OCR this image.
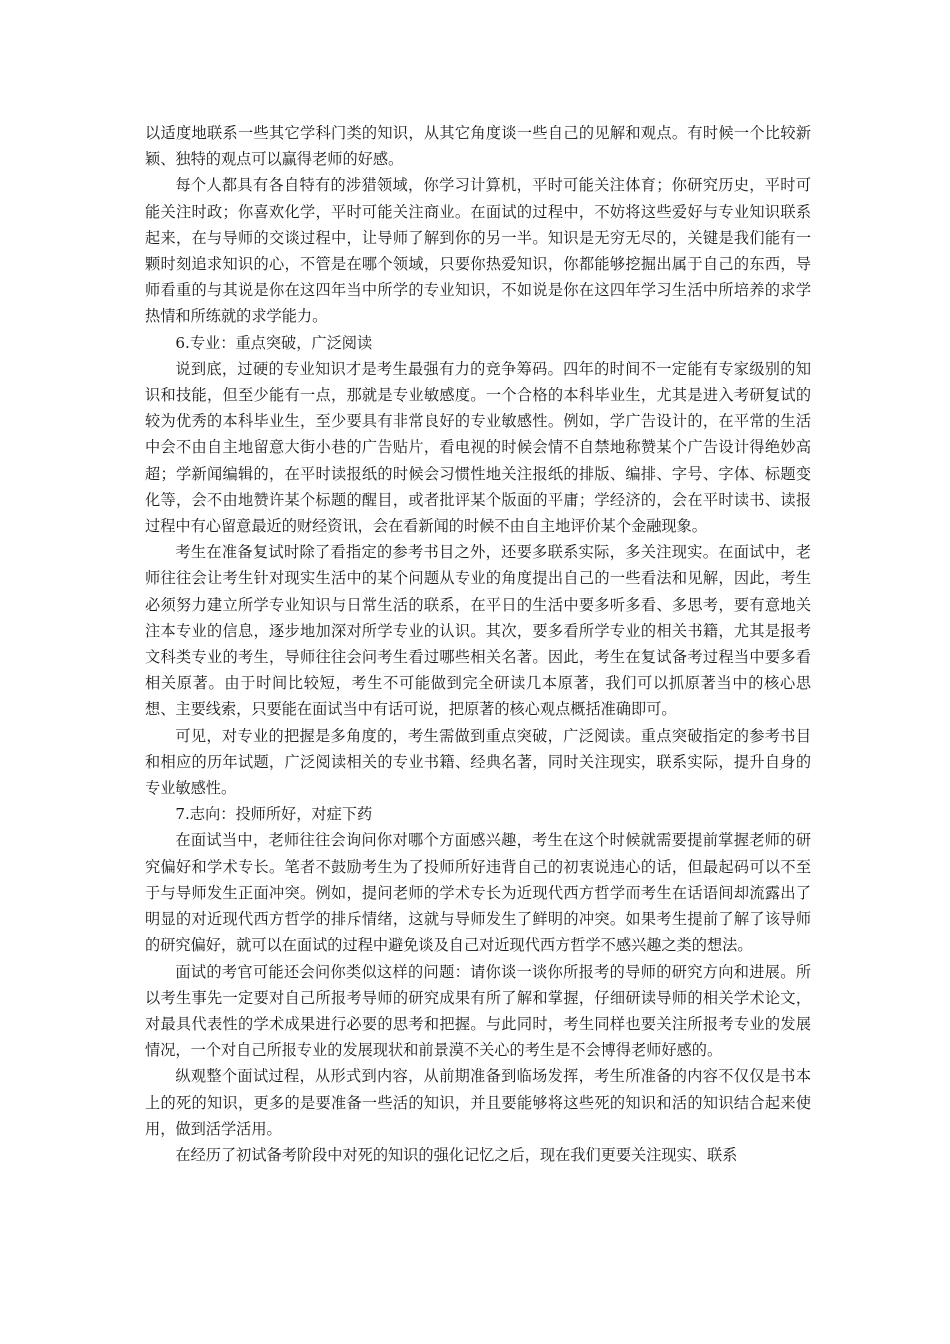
以适度地联系一些其它学科门类的知识，从其它角度谈一些自己的见解和观点。有时候一个比较新颖、独特的观点可以赢得老师的好感。

每个人都具有各自特有的涉猎领域，你学习计算机，平时可能关注体育；你研究历史，平时可能关注时政；你喜欢化学，平时可能关注商业。在面试的过程中，不妨将这些爱好与专业知识联系起来，在与导师的交谈过程中，让导师了解到你的另一半。知识是无穷无尽的，关键是我们能有一颗时刻追求知识的心，不管是在哪个领域，只要你热爱知识，你都能够挖掘出属于自己的东西，导师看重的与其说是你在这四年当中所学的专业知识，不如说是你在这四年学习生活中所培养的求学热情和所练就的求学能力。

6.专业：重点突破，广泛阅读

说到底，过硬的专业知识才是考生最强有力的竞争筹码。四年的时间不一定能有专家级别的知识和技能，但至少能有一点，那就是专业敏感度。一个合格的本科毕业生，尤其是进入考研复试的较为优秀的本科毕业生，至少要具有非常良好的专业敏感性。例如，学广告设计的，在平常的生活中会不由自主地留意大街小巷的广告贴片，看电视的时候会情不自禁地称赞某个广告设计得绝妙高超；学新闻编辑的，在平时读报纸的时候会习惯性地关注报纸的排版、编排、字号、字体、标题变化等，会不由地赞许某个标题的醒目，或者批评某个版面的平庸；学经济的，会在平时读书、读报过程中有心留意最近的财经资讯，会在看新闻的时候不由自主地评价某个金融现象。

考生在准备复试时除了看指定的参考书目之外，还要多联系实际，多关注现实。在面试中，老师往往会让考生针对现实生活中的某个问题从专业的角度提出自己的一些看法和见解，因此，考生必须努力建立所学专业知识与日常生活的联系，在平日的生活中要多听多看、多思考，要有意地关注本专业的信息，逐步地加深对所学专业的认识。其次，要多看所学专业的相关书籍，尤其是报考文科类专业的考生，导师往往会问考生看过哪些相关名著。因此，考生在复试备考过程当中要多看相关原著。由于时间比较短，考生不可能做到完全研读几本原著，我们可以抓原著当中的核心思想、主要线索，只要能在面试当中有话可说，把原著的核心观点概括准确即可。

可见，对专业的把握是多角度的，考生需做到重点突破，广泛阅读。重点突破指定的参考书目和相应的历年试题，广泛阅读相关的专业书籍、经典名著，同时关注现实，联系实际，提升自身的专业敏感性。

7.志向：投师所好，对症下药

在面试当中，老师往往会询问你对哪个方面感兴趣，考生在这个时候就需要提前掌握老师的研究偏好和学术专长。笔者不鼓励考生为了投师所好违背自己的初衷说违心的话，但最起码可以不至于与导师发生正面冲突。例如，提问老师的学术专长为近现代西方哲学而考生在话语间却流露出了明显的对近现代西方哲学的排斥情绪，这就与导师发生了鲜明的冲突。如果考生提前了解了该导师的研究偏好，就可以在面试的过程中避免谈及自己对近现代西方哲学不感兴趣之类的想法。

面试的考官可能还会问你类似这样的问题：请你谈一谈你所报考的导师的研究方向和进展。所以考生事先一定要对自己所报考导师的研究成果有所了解和掌握，仔细研读导师的相关学术论文，对最具代表性的学术成果进行必要的思考和把握。与此同时，考生同样也要关注所报考专业的发展情况，一个对自己所报专业的发展现状和前景漠不关心的考生是不会博得老师好感的。

纵观整个面试过程，从形式到内容，从前期准备到临场发挥，考生所准备的内容不仅仅是书本上的死的知识，更多的是要准备一些活的知识，并且要能够将这些死的知识和活的知识结合起来使用，做到活学活用。

在经历了初试备考阶段中对死的知识的强化记忆之后，现在我们更要关注现实、联系
